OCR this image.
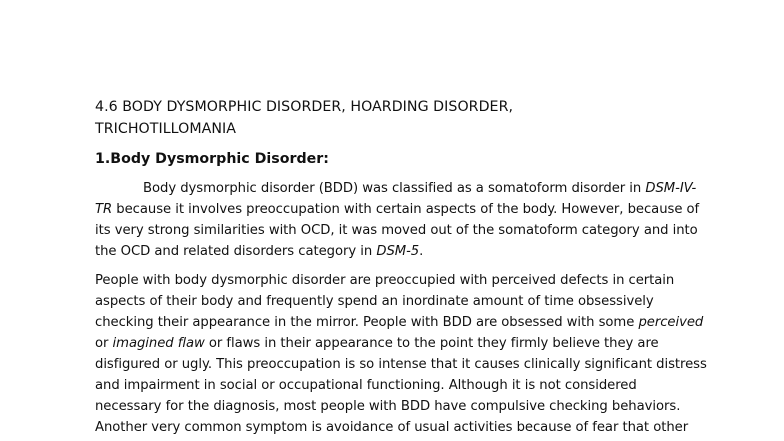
4.6 BODY DYSMORPHIC DISORDER, HOARDING DISORDER,
TRICHOTILLOMANIA
1.Body Dysmorphic Disorder:

Body dysmorphic disorder (BDD) was classified as a somatoform disorder in DSM-IV-
TR because it involves preoccupation with certain aspects of the body. However, because of
its very strong similarities with OCD, it was moved out of the somatoform category and into
the OCD and related disorders category in DSM-5.

People with body dysmorphic disorder are preoccupied with perceived defects in certain
aspects of their body and frequently spend an inordinate amount of time obsessively
checking their appearance in the mirror. People with BDD are obsessed with some perceived
or imagined flaw or flaws in their appearance to the point they firmly believe they are
disfigured or ugly. This preoccupation is so intense that it causes clinically significant distress
and impairment in social or occupational functioning. Although it is not considered
necessary for the diagnosis, most people with BDD have compulsive checking behaviors.
Another very common symptom is avoidance of usual activities because of fear that other
